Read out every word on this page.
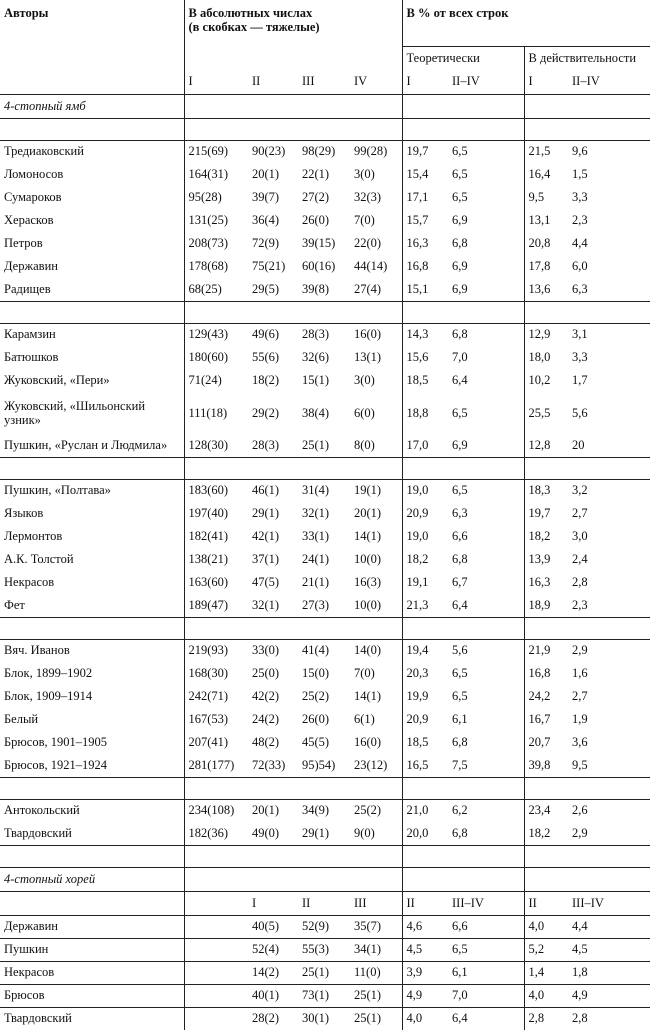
Авторы	В абсолютных числах
(в скобках — тяжелые)				В % от всех строк			
					Теоретически		В действительности	
	I	II	III	IV	I	II–IV	I	II–IV
4-стопный ямб								

Тредиаковский	215(69)	90(23)	98(29)	99(28)	19,7	6,5	21,5	9,6
Ломоносов	164(31)	20(1)	22(1)	3(0)	15,4	6,5	16,4	1,5
Сумароков	95(28)	39(7)	27(2)	32(3)	17,1	6,5	9,5	3,3
Херасков	131(25)	36(4)	26(0)	7(0)	15,7	6,9	13,1	2,3
Петров	208(73)	72(9)	39(15)	22(0)	16,3	6,8	20,8	4,4
Державин	178(68)	75(21)	60(16)	44(14)	16,8	6,9	17,8	6,0
Радищев	68(25)	29(5)	39(8)	27(4)	15,1	6,9	13,6	6,3

Карамзин	129(43)	49(6)	28(3)	16(0)	14,3	6,8	12,9	3,1
Батюшков	180(60)	55(6)	32(6)	13(1)	15,6	7,0	18,0	3,3
Жуковский, «Пери»	71(24)	18(2)	15(1)	3(0)	18,5	6,4	10,2	1,7
Жуковский, «Шильонский узник»	111(18)	29(2)	38(4)	6(0)	18,8	6,5	25,5	5,6
Пушкин, «Руслан и Людмила»	128(30)	28(3)	25(1)	8(0)	17,0	6,9	12,8	20

Пушкин, «Полтава»	183(60)	46(1)	31(4)	19(1)	19,0	6,5	18,3	3,2
Языков	197(40)	29(1)	32(1)	20(1)	20,9	6,3	19,7	2,7
Лермонтов	182(41)	42(1)	33(1)	14(1)	19,0	6,6	18,2	3,0
А.К. Толстой	138(21)	37(1)	24(1)	10(0)	18,2	6,8	13,9	2,4
Некрасов	163(60)	47(5)	21(1)	16(3)	19,1	6,7	16,3	2,8
Фет	189(47)	32(1)	27(3)	10(0)	21,3	6,4	18,9	2,3

Вяч. Иванов	219(93)	33(0)	41(4)	14(0)	19,4	5,6	21,9	2,9
Блок, 1899–1902	168(30)	25(0)	15(0)	7(0)	20,3	6,5	16,8	1,6
Блок, 1909–1914	242(71)	42(2)	25(2)	14(1)	19,9	6,5	24,2	2,7
Белый	167(53)	24(2)	26(0)	6(1)	20,9	6,1	16,7	1,9
Брюсов, 1901–1905	207(41)	48(2)	45(5)	16(0)	18,5	6,8	20,7	3,6
Брюсов, 1921–1924	281(177)	72(33)	95)54)	23(12)	16,5	7,5	39,8	9,5

Антокольский	234(108)	20(1)	34(9)	25(2)	21,0	6,2	23,4	2,6
Твардовский	182(36)	49(0)	29(1)	9(0)	20,0	6,8	18,2	2,9

4-стопный хорей								
		I	II	III	II	III–IV	II	III–IV
Державин		40(5)	52(9)	35(7)	4,6	6,6	4,0	4,4
Пушкин		52(4)	55(3)	34(1)	4,5	6,5	5,2	4,5
Некрасов		14(2)	25(1)	11(0)	3,9	6,1	1,4	1,8
Брюсов		40(1)	73(1)	25(1)	4,9	7,0	4,0	4,9
Твардовский		28(2)	30(1)	25(1)	4,0	6,4	2,8	2,8
